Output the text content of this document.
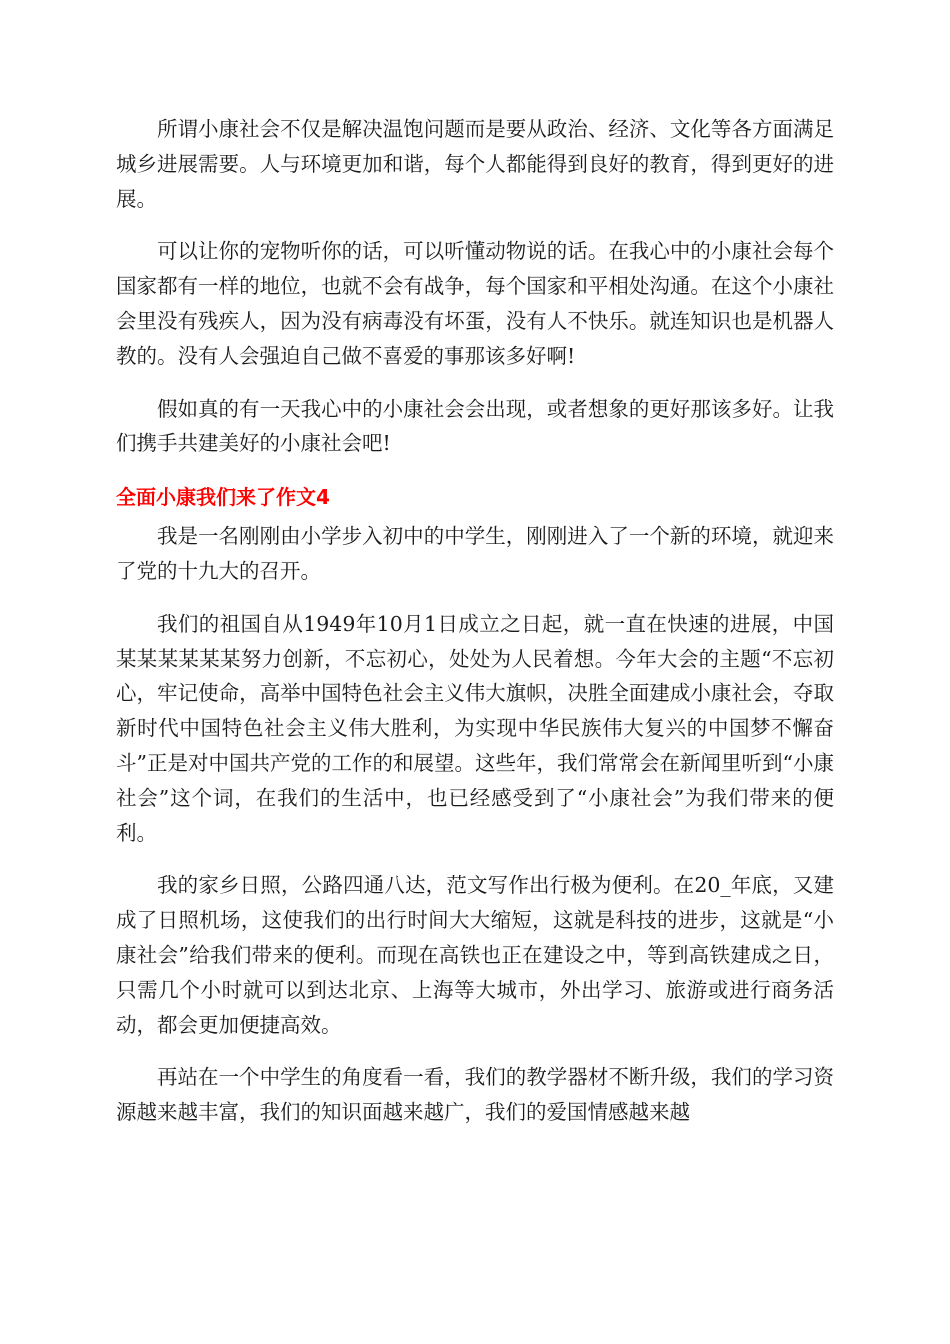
所谓小康社会不仅是解决温饱问题而是要从政治、经济、文化等各方面满足城乡进展需要。人与环境更加和谐，每个人都能得到良好的教育，得到更好的进展。

可以让你的宠物听你的话，可以听懂动物说的话。在我心中的小康社会每个国家都有一样的地位，也就不会有战争，每个国家和平相处沟通。在这个小康社会里没有残疾人，因为没有病毒没有坏蛋，没有人不快乐。就连知识也是机器人教的。没有人会强迫自己做不喜爱的事那该多好啊!

假如真的有一天我心中的小康社会会出现，或者想象的更好那该多好。让我们携手共建美好的小康社会吧!

全面小康我们来了作文4

我是一名刚刚由小学步入初中的中学生，刚刚进入了一个新的环境，就迎来了党的十九大的召开。

我们的祖国自从1949年10月1日成立之日起，就一直在快速的进展，中国某某某某某某努力创新，不忘初心，处处为人民着想。今年大会的主题“不忘初心，牢记使命，高举中国特色社会主义伟大旗帜，决胜全面建成小康社会，夺取新时代中国特色社会主义伟大胜利，为实现中华民族伟大复兴的中国梦不懈奋斗”正是对中国共产党的工作的和展望。这些年，我们常常会在新闻里听到“小康社会”这个词，在我们的生活中，也已经感受到了“小康社会”为我们带来的便利。

我的家乡日照，公路四通八达，范文写作出行极为便利。在20_年底，又建成了日照机场，这使我们的出行时间大大缩短，这就是科技的进步，这就是“小康社会”给我们带来的便利。而现在高铁也正在建设之中，等到高铁建成之日，只需几个小时就可以到达北京、上海等大城市，外出学习、旅游或进行商务活动，都会更加便捷高效。

再站在一个中学生的角度看一看，我们的教学器材不断升级，我们的学习资源越来越丰富，我们的知识面越来越广，我们的爱国情感越来越
